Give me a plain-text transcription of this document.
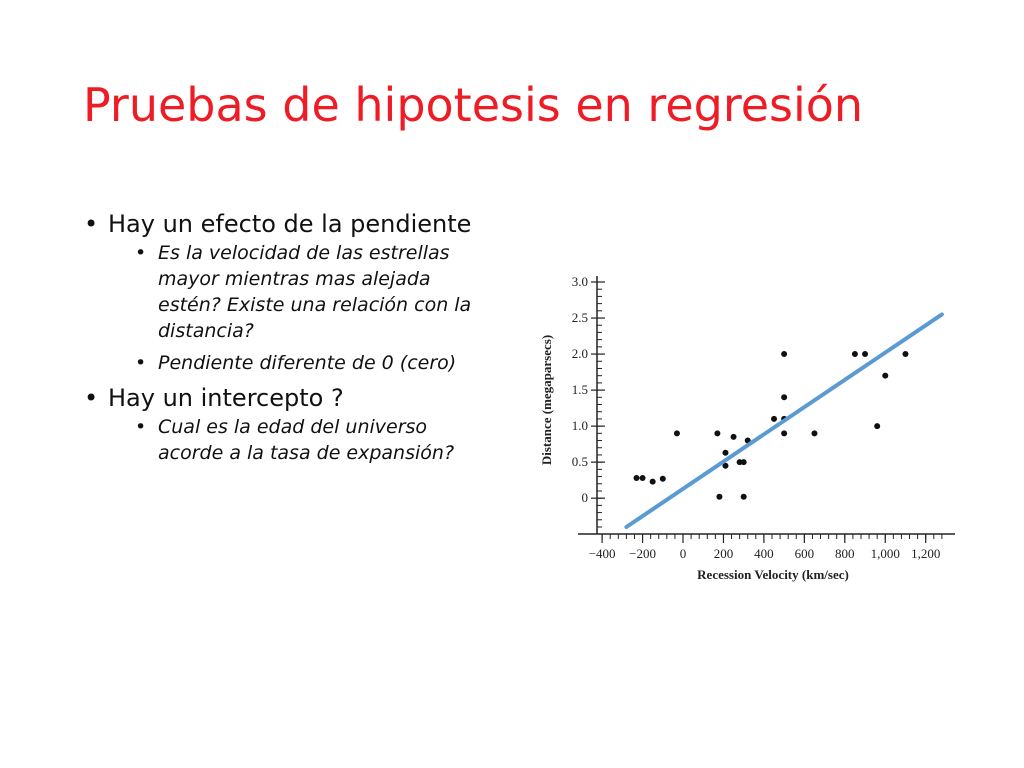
Pruebas de hipotesis en regresión
• Hay un efecto de la pendiente
• Es la velocidad de las estrellas mayor mientras mas alejada estén? Existe una relación con la distancia?
• Pendiente diferente de 0 (cero)
• Hay un intercepto ?
• Cual es la edad del universo acorde a la tasa de expansión?
0
0.5
1.0
1.5
2.0
2.5
3.0
−400 −200 0 200 400 600 800 1,000 1,200
Recession Velocity (km/sec)
Distance (megaparsecs)
